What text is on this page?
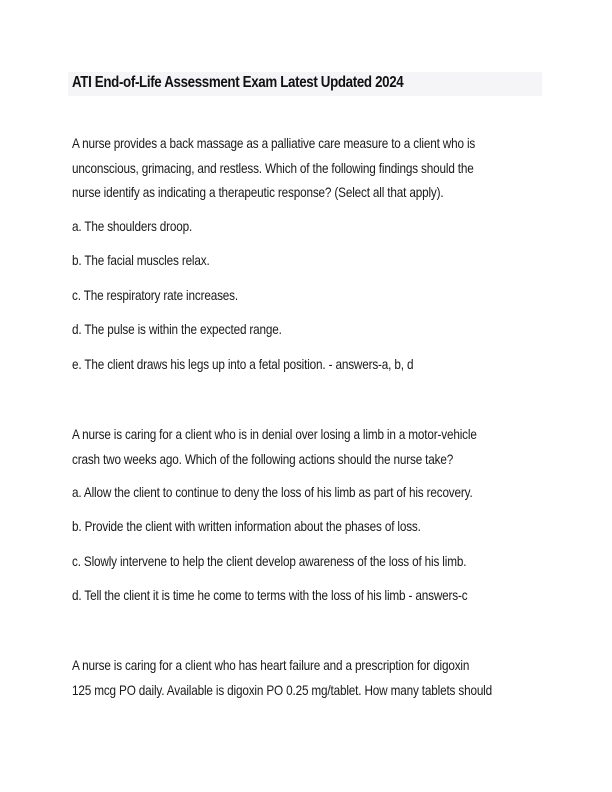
ATI End-of-Life Assessment Exam Latest Updated 2024
A nurse provides a back massage as a palliative care measure to a client who is
unconscious, grimacing, and restless. Which of the following findings should the
nurse identify as indicating a therapeutic response? (Select all that apply).
a. The shoulders droop.
b. The facial muscles relax.
c. The respiratory rate increases.
d. The pulse is within the expected range.
e. The client draws his legs up into a fetal position. - answers-a, b, d
A nurse is caring for a client who is in denial over losing a limb in a motor-vehicle
crash two weeks ago. Which of the following actions should the nurse take?
a. Allow the client to continue to deny the loss of his limb as part of his recovery.
b. Provide the client with written information about the phases of loss.
c. Slowly intervene to help the client develop awareness of the loss of his limb.
d. Tell the client it is time he come to terms with the loss of his limb - answers-c
A nurse is caring for a client who has heart failure and a prescription for digoxin
125 mcg PO daily. Available is digoxin PO 0.25 mg/tablet. How many tablets should
